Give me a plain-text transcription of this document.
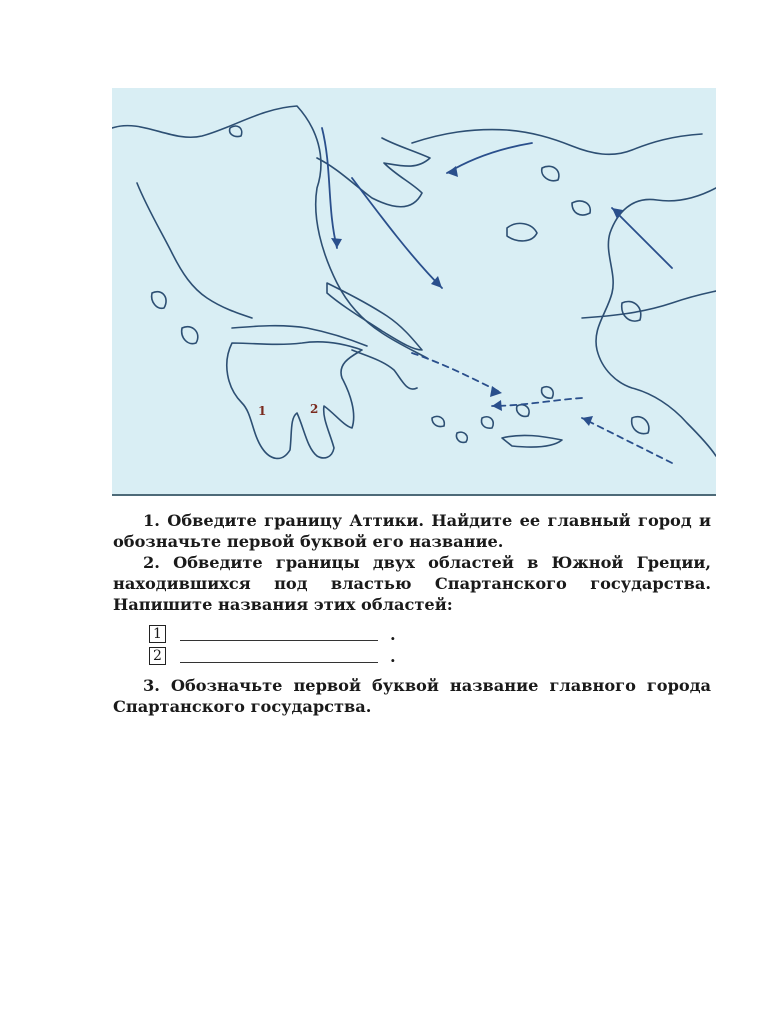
1	2

1. Обведите границу Аттики. Найдите ее главный город и обозначьте первой буквой его название.

2. Обведите границы двух областей в Южной Греции, находившихся под властью Спартанского государства. Напишите названия этих областей:

1	.
2	.

3. Обозначьте первой буквой название главного города Спартанского государства.
